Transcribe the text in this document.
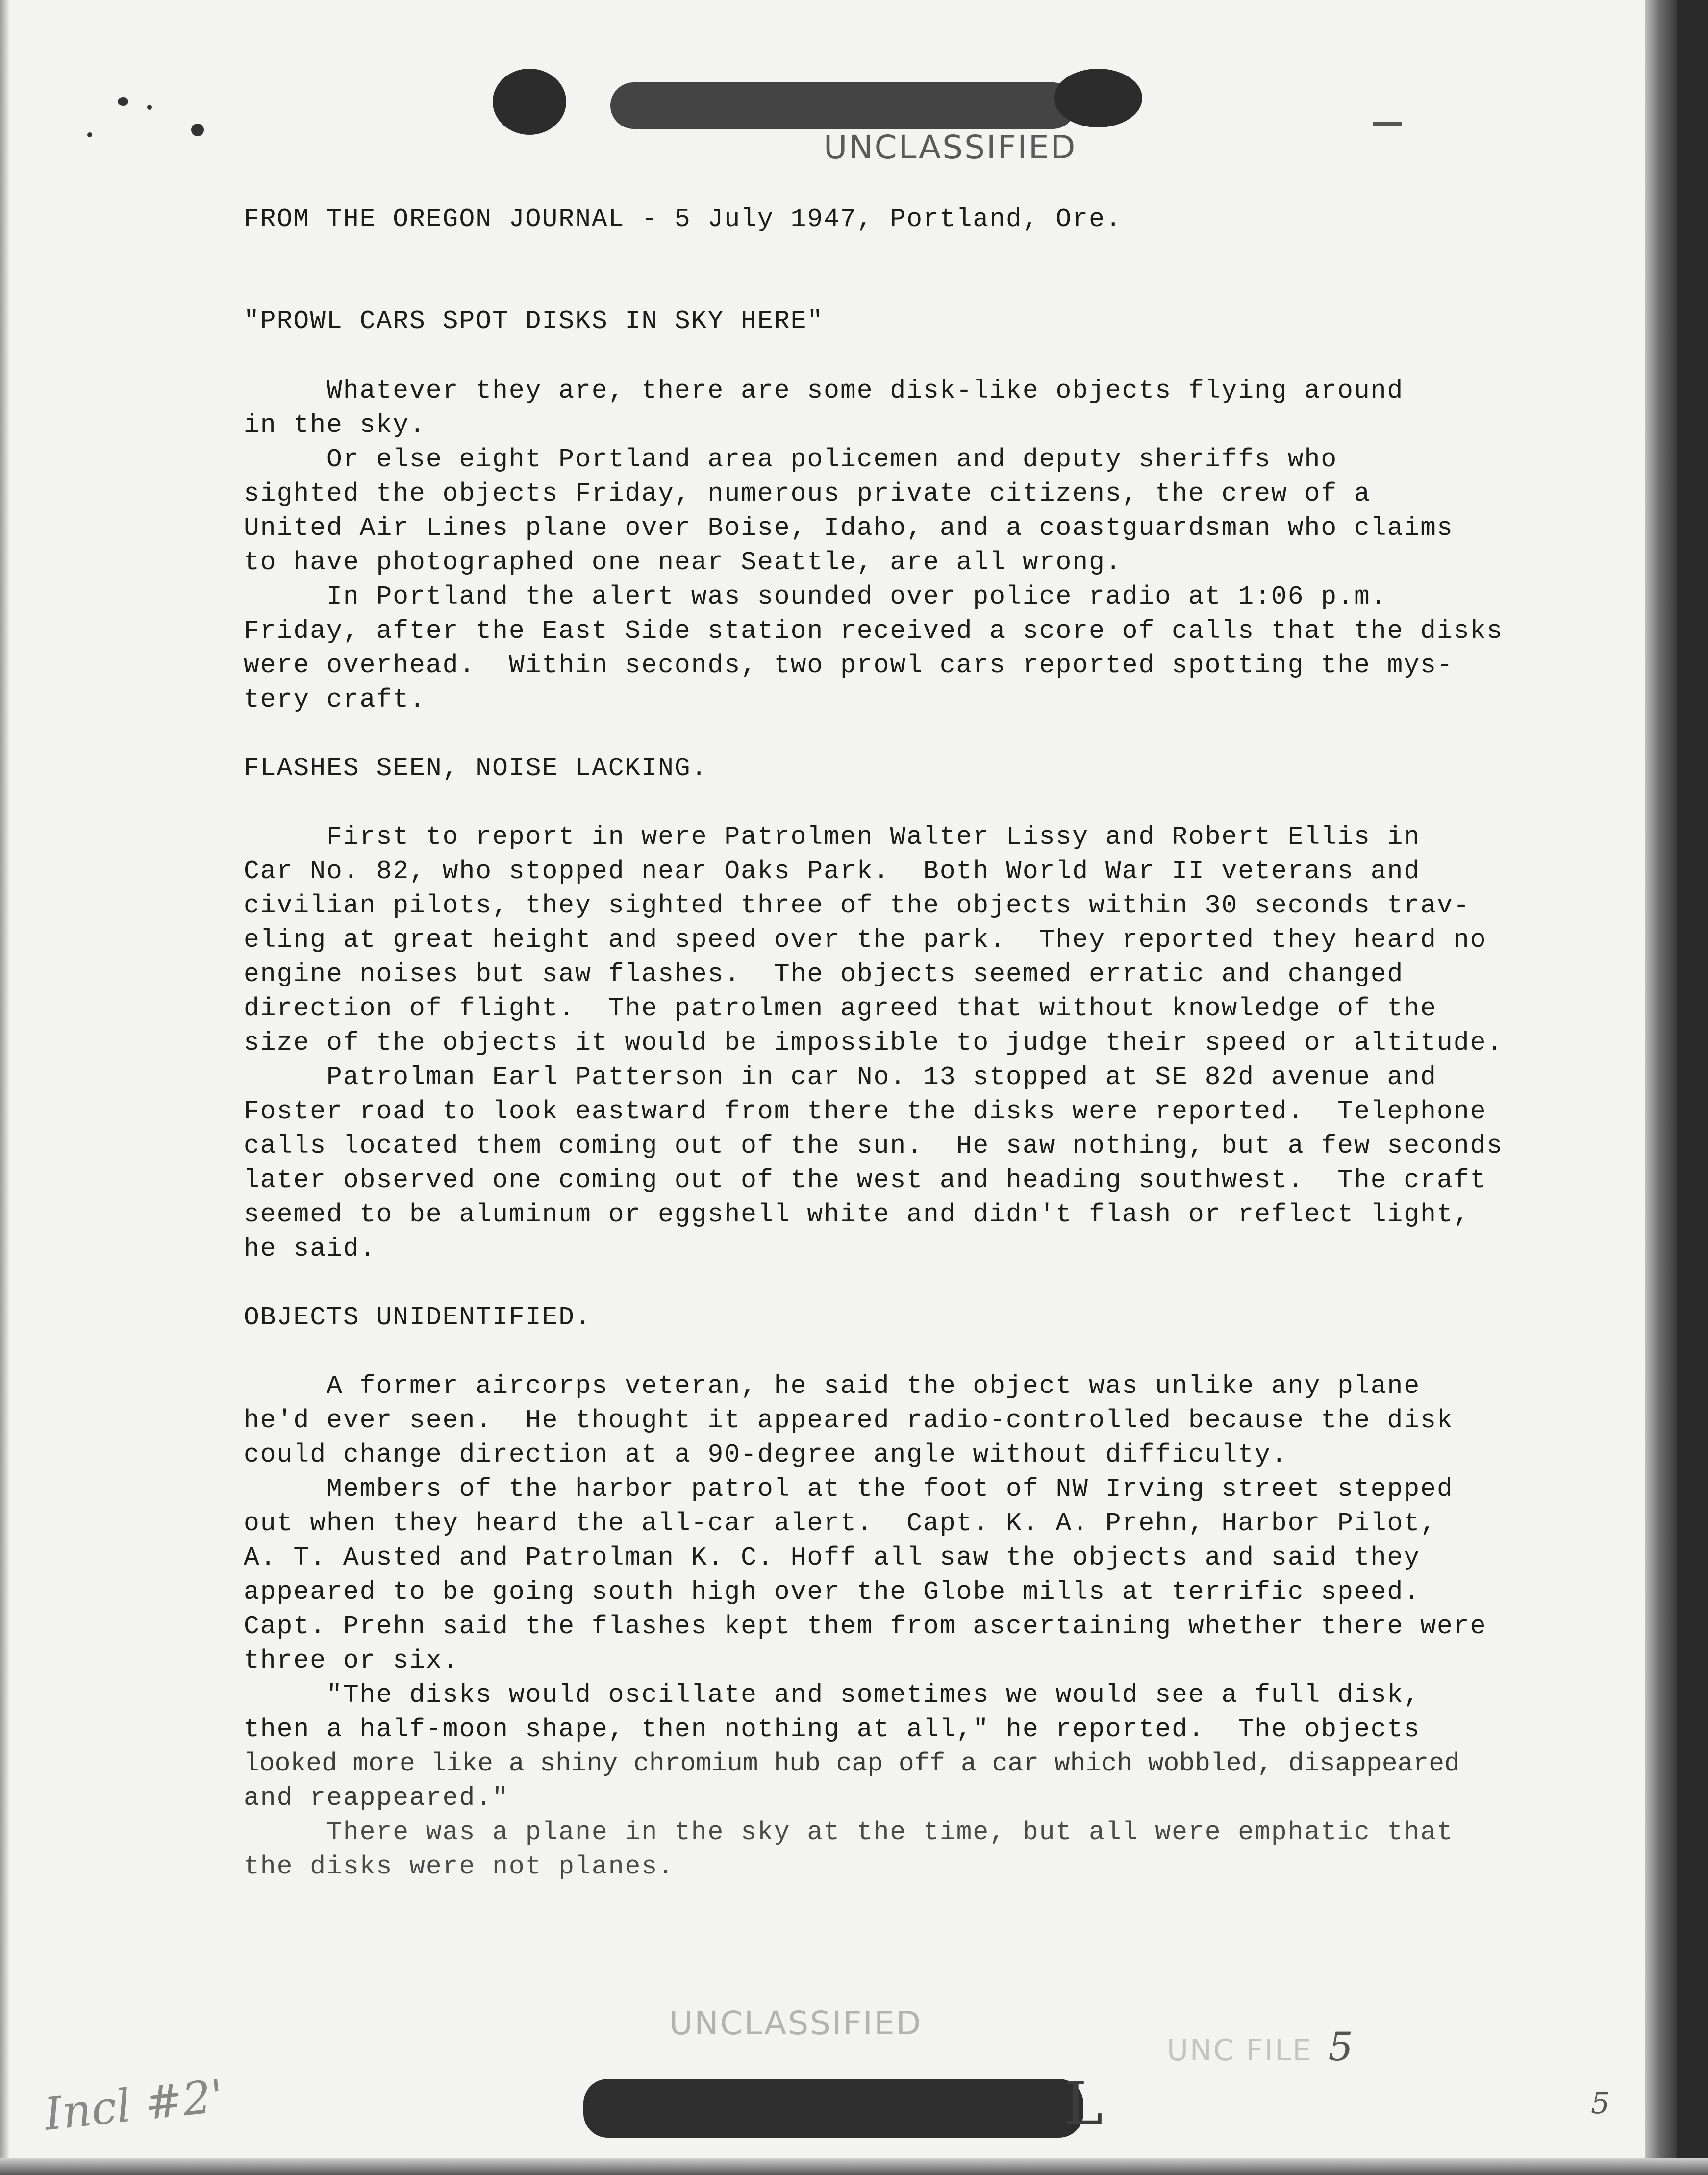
UNCLASSIFIED
FROM THE OREGON JOURNAL - 5 July 1947, Portland, Ore.
"PROWL CARS SPOT DISKS IN SKY HERE"
Whatever they are, there are some disk-like objects flying around
in the sky.
Or else eight Portland area policemen and deputy sheriffs who
sighted the objects Friday, numerous private citizens, the crew of a
United Air Lines plane over Boise, Idaho, and a coastguardsman who claims
to have photographed one near Seattle, are all wrong.
In Portland the alert was sounded over police radio at 1:06 p.m.
Friday, after the East Side station received a score of calls that the disks
were overhead.  Within seconds, two prowl cars reported spotting the mys-
tery craft.
FLASHES SEEN, NOISE LACKING.
First to report in were Patrolmen Walter Lissy and Robert Ellis in
Car No. 82, who stopped near Oaks Park.  Both World War II veterans and
civilian pilots, they sighted three of the objects within 30 seconds trav-
eling at great height and speed over the park.  They reported they heard no
engine noises but saw flashes.  The objects seemed erratic and changed
direction of flight.  The patrolmen agreed that without knowledge of the
size of the objects it would be impossible to judge their speed or altitude.
Patrolman Earl Patterson in car No. 13 stopped at SE 82d avenue and
Foster road to look eastward from there the disks were reported.  Telephone
calls located them coming out of the sun.  He saw nothing, but a few seconds
later observed one coming out of the west and heading southwest.  The craft
seemed to be aluminum or eggshell white and didn't flash or reflect light,
he said.
OBJECTS UNIDENTIFIED.
A former aircorps veteran, he said the object was unlike any plane
he'd ever seen.  He thought it appeared radio-controlled because the disk
could change direction at a 90-degree angle without difficulty.
Members of the harbor patrol at the foot of NW Irving street stepped
out when they heard the all-car alert.  Capt. K. A. Prehn, Harbor Pilot,
A. T. Austed and Patrolman K. C. Hoff all saw the objects and said they
appeared to be going south high over the Globe mills at terrific speed.
Capt. Prehn said the flashes kept them from ascertaining whether there were
three or six.
"The disks would oscillate and sometimes we would see a full disk,
then a half-moon shape, then nothing at all," he reported.  The objects
looked more like a shiny chromium hub cap off a car which wobbled, disappeared
and reappeared."
There was a plane in the sky at the time, but all were emphatic that
the disks were not planes.
UNCLASSIFIED
UNC FILE 5
L
Incl #2'	5
